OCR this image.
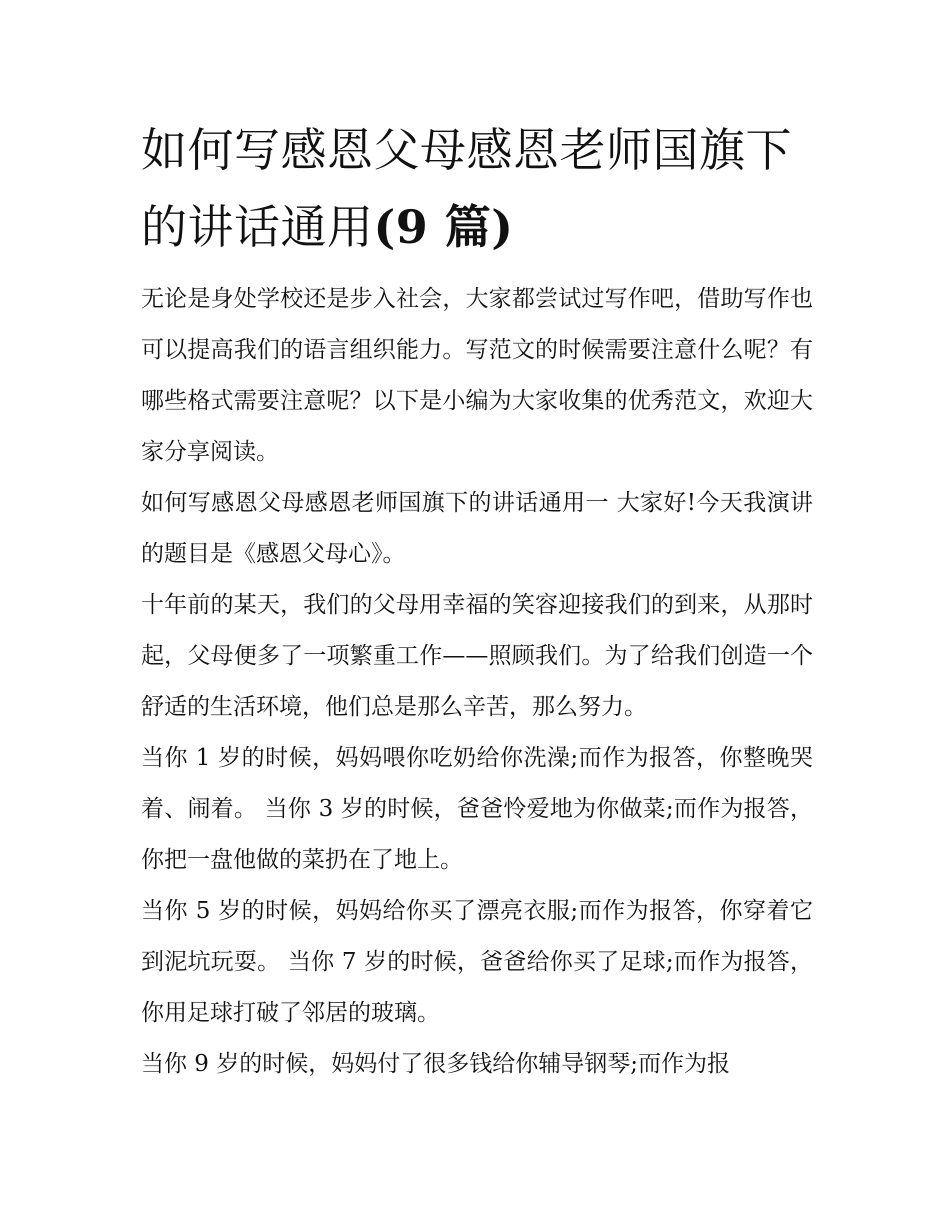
如何写感恩父母感恩老师国旗下的讲话通用(9 篇)

无论是身处学校还是步入社会，大家都尝试过写作吧，借助写作也可以提高我们的语言组织能力。写范文的时候需要注意什么呢？有哪些格式需要注意呢？以下是小编为大家收集的优秀范文，欢迎大家分享阅读。

如何写感恩父母感恩老师国旗下的讲话通用一 大家好!今天我演讲的题目是《感恩父母心》。

十年前的某天，我们的父母用幸福的笑容迎接我们的到来，从那时起，父母便多了一项繁重工作——照顾我们。为了给我们创造一个舒适的生活环境，他们总是那么辛苦，那么努力。

当你 1 岁的时候，妈妈喂你吃奶给你洗澡;而作为报答，你整晚哭着、闹着。 当你 3 岁的时候，爸爸怜爱地为你做菜;而作为报答，你把一盘他做的菜扔在了地上。

当你 5 岁的时候，妈妈给你买了漂亮衣服;而作为报答，你穿着它到泥坑玩耍。 当你 7 岁的时候，爸爸给你买了足球;而作为报答，你用足球打破了邻居的玻璃。

当你 9 岁的时候，妈妈付了很多钱给你辅导钢琴;而作为报
